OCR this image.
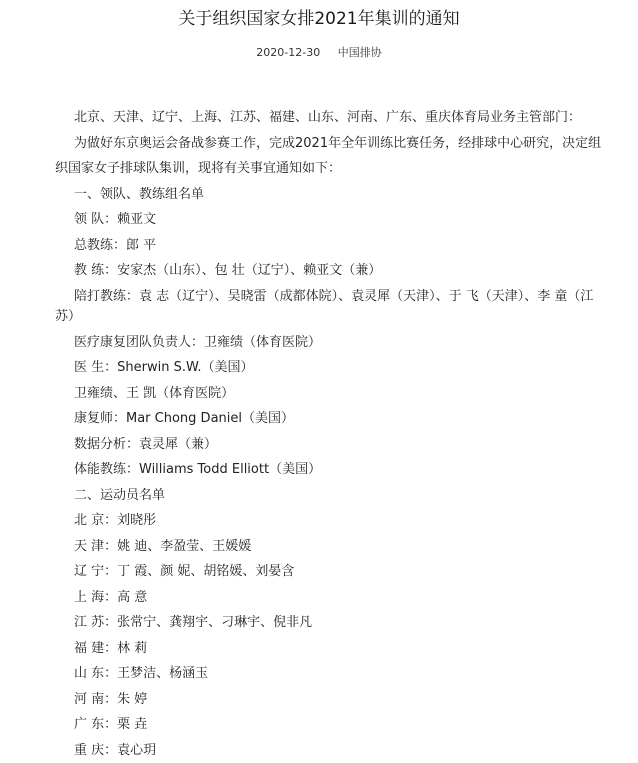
关于组织国家女排2021年集训的通知
2020-12-30 中国排协

北京、天津、辽宁、上海、江苏、福建、山东、河南、广东、重庆体育局业务主管部门：

为做好东京奥运会备战参赛工作，完成2021年全年训练比赛任务，经排球中心研究，决定组织国家女子排球队集训，现将有关事宜通知如下：

一、领队、教练组名单

领 队：赖亚文

总教练：郎 平

教 练：安家杰（山东）、包 壮（辽宁）、赖亚文（兼）

陪打教练：袁 志（辽宁）、吴晓雷（成都体院）、袁灵犀（天津）、于 飞（天津）、李 童（江苏）

医疗康复团队负责人：卫雍绩（体育医院）

医 生：Sherwin S.W.（美国）

卫雍绩、王 凯（体育医院）

康复师：Mar Chong Daniel（美国）

数据分析：袁灵犀（兼）

体能教练：Williams Todd Elliott（美国）

二、运动员名单

北 京：刘晓彤

天 津：姚 迪、李盈莹、王媛媛

辽 宁：丁 霞、颜 妮、胡铭媛、刘晏含

上 海：高 意

江 苏：张常宁、龚翔宇、刁琳宇、倪非凡

福 建：林 莉

山 东：王梦洁、杨涵玉

河 南：朱 婷

广 东：栗 垚

重 庆：袁心玥
